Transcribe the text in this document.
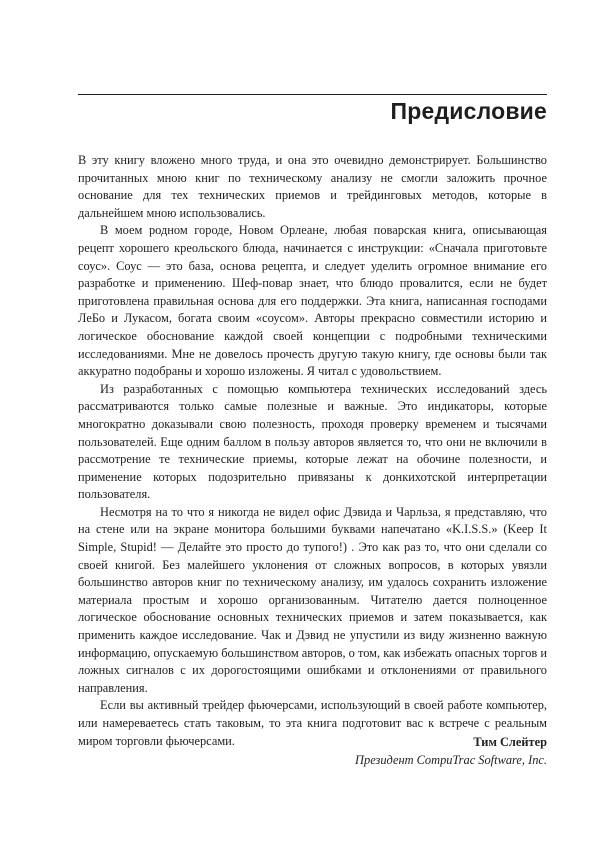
Предисловие

В эту книгу вложено много труда, и она это очевидно демонстрирует. Большинство прочитанных мною книг по техническому анализу не смогли заложить прочное основание для тех технических приемов и трейдинговых методов, которые в дальнейшем мною использовались.

В моем родном городе, Новом Орлеане, любая поварская книга, описывающая рецепт хорошего креольского блюда, начинается с инструкции: «Сначала приготовьте соус». Соус — это база, основа рецепта, и следует уделить огромное внимание его разработке и применению. Шеф-повар знает, что блюдо провалится, если не будет приготовлена правильная основа для его поддержки. Эта книга, написанная господами ЛеБо и Лукасом, богата своим «соусом». Авторы прекрасно совместили историю и логическое обоснование каждой своей концепции с подробными техническими исследованиями. Мне не довелось прочесть другую такую книгу, где основы были так аккуратно подобраны и хорошо изложены. Я читал с удовольствием.

Из разработанных с помощью компьютера технических исследований здесь рассматриваются только самые полезные и важные. Это индикаторы, которые многократно доказывали свою полезность, проходя проверку временем и тысячами пользователей. Еще одним баллом в пользу авторов является то, что они не включили в рассмотрение те технические приемы, которые лежат на обочине полезности, и применение которых подозрительно привязаны к донкихотской интерпретации пользователя.

Несмотря на то что я никогда не видел офис Дэвида и Чарльза, я представляю, что на стене или на экране монитора большими буквами напечатано «K.I.S.S.» (Keep It Simple, Stupid! — Делайте это просто до тупого!) . Это как раз то, что они сделали со своей книгой. Без малейшего уклонения от сложных вопросов, в которых увязли большинство авторов книг по техническому анализу, им удалось сохранить изложение материала простым и хорошо организованным. Читателю дается полноценное логическое обоснование основных технических приемов и затем показывается, как применить каждое исследование. Чак и Дэвид не упустили из виду жизненно важную информацию, опускаемую большинством авторов, о том, как избежать опасных торгов и ложных сигналов с их дорогостоящими ошибками и отклонениями от правильного направления.

Если вы активный трейдер фьючерсами, использующий в своей работе компьютер, или намереваетесь стать таковым, то эта книга подготовит вас к встрече с реальным миром торговли фьючерсами.	Тим Слейтер
Президент CompuTrac Software, Inc.
